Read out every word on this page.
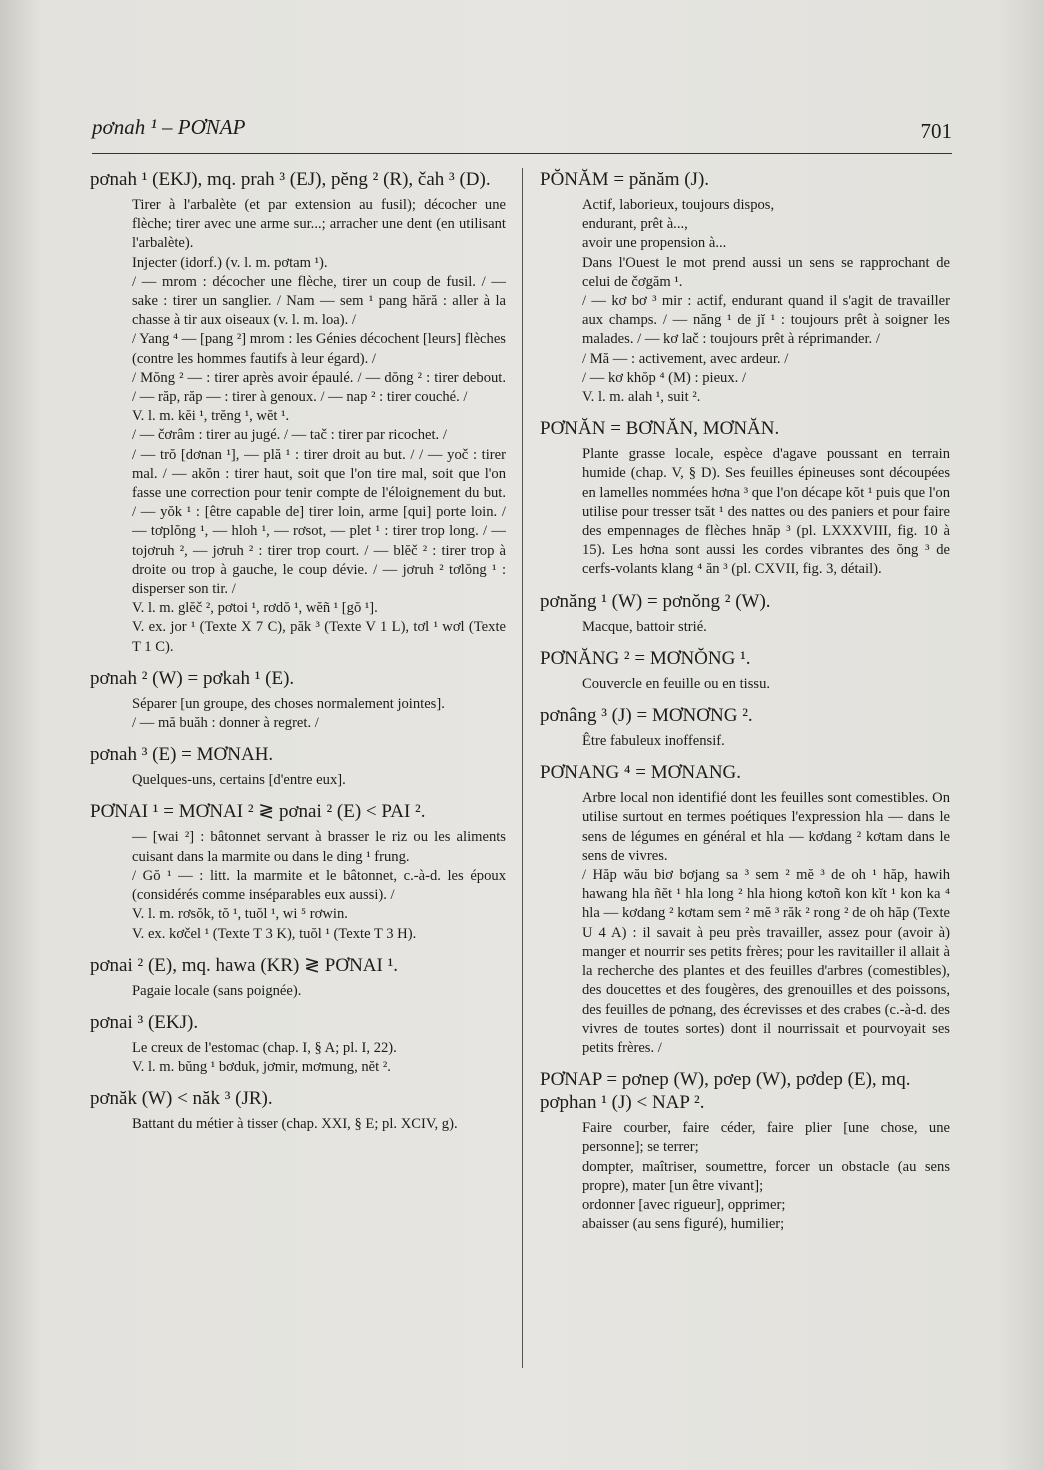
pơnah ¹ – PƠNAP	701
pơnah ¹ (EKJ), mq. prah ³ (EJ), pĕng ² (R), čah ³ (D).

Tirer à l'arbalète (et par extension au fusil); décocher une flèche; tirer avec une arme sur...; arracher une dent (en utilisant l'arbalète).

Injecter (idorf.) (v. l. m. pơtam ¹).

/ — mrom : décocher une flèche, tirer un coup de fusil. / — sake : tirer un sanglier. / Nam — sem ¹ pang hără : aller à la chasse à tir aux oiseaux (v. l. m. loa). /

/ Yang ⁴ — [pang ²] mrom : les Génies décochent [leurs] flèches (contre les hommes fautifs à leur égard). /

/ Mŏng ² — : tirer après avoir épaulé. / — dŏng ² : tirer debout. / — răp, răp — : tirer à genoux. / — nap ² : tirer couché. /

V. l. m. kĕi ¹, trĕng ¹, wĕt ¹.

/ — čơrâm : tirer au jugé. / — tač : tirer par ricochet. /

/ — trŏ [dơnan ¹], — plă ¹ : tirer droit au but. / / — yoč : tirer mal. / — akŏn : tirer haut, soit que l'on tire mal, soit que l'on fasse une correction pour tenir compte de l'éloignement du but. / — yŏk ¹ : [être capable de] tirer loin, arme [qui] porte loin. / — tơplŏng ¹, — hloh ¹, — rơsot, — plet ¹ : tirer trop long. / — tojơruh ², — jơruh ² : tirer trop court. / — blĕč ² : tirer trop à droite ou trop à gauche, le coup dévie. / — jơruh ² tơlŏng ¹ : disperser son tir. /

V. l. m. glĕč ², pơtoi ¹, rơdŏ ¹, wĕñ ¹ [gŏ ¹].

V. ex. jor ¹ (Texte X 7 C), păk ³ (Texte V 1 L), tơl ¹ wơl (Texte T 1 C).

pơnah ² (W) = pơkah ¹ (E).

Séparer [un groupe, des choses normalement jointes].

/ — mă buăh : donner à regret. /

pơnah ³ (E) = MƠNAH.

Quelques-uns, certains [d'entre eux].

PƠNAI ¹ = MƠNAI ² ≷ pơnai ² (E) < PAI ².

— [wai ²] : bâtonnet servant à brasser le riz ou les aliments cuisant dans la marmite ou dans le ding ¹ frung.

/ Gŏ ¹ — : litt. la marmite et le bâtonnet, c.-à-d. les époux (considérés comme inséparables eux aussi). /

V. l. m. rơsŏk, tŏ ¹, tuŏl ¹, wi ⁵ rơwin.

V. ex. kơčel ¹ (Texte T 3 K), tuŏl ¹ (Texte T 3 H).

pơnai ² (E), mq. hawa (KR) ≷ PƠNAI ¹.

Pagaie locale (sans poignée).

pơnai ³ (EKJ).

Le creux de l'estomac (chap. I, § A; pl. I, 22).

V. l. m. bŭng ¹ bơduk, jơmir, mơmung, nĕt ².

pơnăk (W) < năk ³ (JR).

Battant du métier à tisser (chap. XXI, § E; pl. XCIV, g).

PŎNĂM = pănăm (J).

Actif, laborieux, toujours dispos,

endurant, prêt à...,

avoir une propension à...

Dans l'Ouest le mot prend aussi un sens se rapprochant de celui de čơgăm ¹.

/ — kơ bơ ³ mir : actif, endurant quand il s'agit de travailler aux champs. / — năng ¹ de jĭ ¹ : toujours prêt à soigner les malades. / — kơ lač : toujours prêt à réprimander. /

/ Mă — : activement, avec ardeur. /

/ — kơ khŏp ⁴ (M) : pieux. /

V. l. m. alah ¹, suit ².

PƠNĂN = BƠNĂN, MƠNĂN.

Plante grasse locale, espèce d'agave poussant en terrain humide (chap. V, § D). Ses feuilles épineuses sont découpées en lamelles nommées hơna ³ que l'on décape kŏt ¹ puis que l'on utilise pour tresser tsăt ¹ des nattes ou des paniers et pour faire des empennages de flèches hnăp ³ (pl. LXXXVIII, fig. 10 à 15). Les hơna sont aussi les cordes vibrantes des ŏng ³ de cerfs-volants klang ⁴ ăn ³ (pl. CXVII, fig. 3, détail).

pơnăng ¹ (W) = pơnŏng ² (W).

Macque, battoir strié.

PƠNĂNG ² = MƠNŎNG ¹.

Couvercle en feuille ou en tissu.

pơnâng ³ (J) = MƠNƠNG ².

Être fabuleux inoffensif.

PƠNANG ⁴ = MƠNANG.

Arbre local non identifié dont les feuilles sont comestibles. On utilise surtout en termes poétiques l'expression hla — dans le sens de légumes en général et hla — kơdang ² kơtam dans le sens de vivres.

/ Hăp wău biơ bơjang sa ³ sem ² mĕ ³ de oh ¹ hăp, hawih hawang hla ñĕt ¹ hla long ² hla hiong kơtoñ kon kĭt ¹ kon ka ⁴ hla — kơdang ² kơtam sem ² mĕ ³ răk ² rong ² de oh hăp (Texte U 4 A) : il savait à peu près travailler, assez pour (avoir à) manger et nourrir ses petits frères; pour les ravitailler il allait à la recherche des plantes et des feuilles d'arbres (comestibles), des doucettes et des fougères, des grenouilles et des poissons, des feuilles de pơnang, des écrevisses et des crabes (c.-à-d. des vivres de toutes sortes) dont il nourrissait et pourvoyait ses petits frères. /

PƠNAP = pơnep (W), pơep (W), pơdep (E), mq. pơphan ¹ (J) < NAP ².

Faire courber, faire céder, faire plier [une chose, une personne]; se terrer;

dompter, maîtriser, soumettre, forcer un obstacle (au sens propre), mater [un être vivant];

ordonner [avec rigueur], opprimer;

abaisser (au sens figuré), humilier;
